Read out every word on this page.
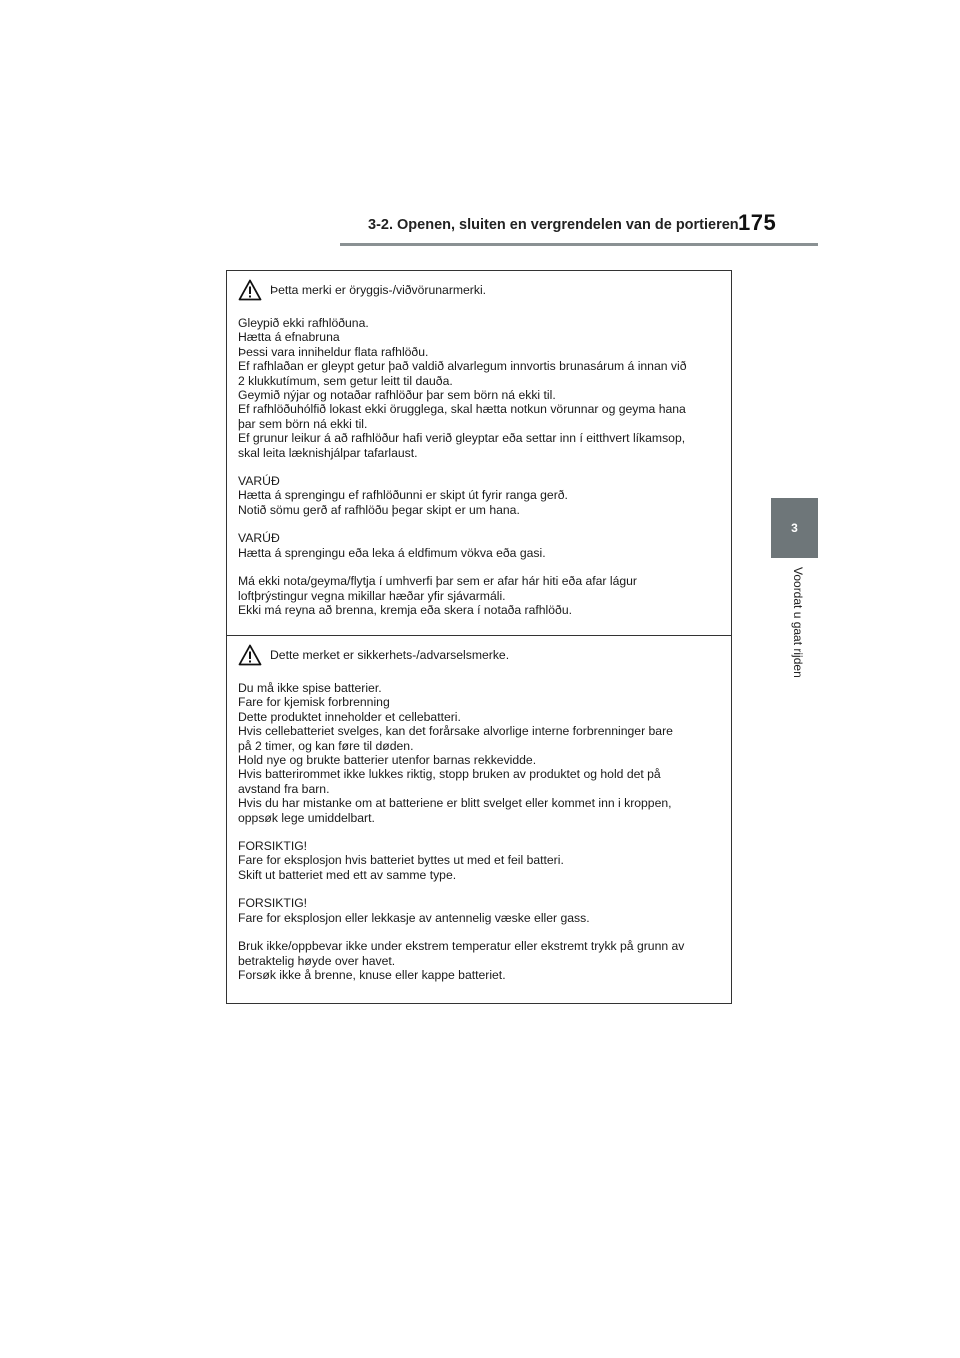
3-2. Openen, sluiten en vergrendelen van de portieren 175
3
Voordat u gaat rijden
Þetta merki er öryggis-/viðvörunarmerki.

Gleypið ekki rafhlöðuna.
Hætta á efnabruna
Þessi vara inniheldur flata rafhlöðu.
Ef rafhlaðan er gleypt getur það valdið alvarlegum innvortis brunasárum á innan við
2 klukkutímum, sem getur leitt til dauða.
Geymið nýjar og notaðar rafhlöður þar sem börn ná ekki til.
Ef rafhlöðuhólfið lokast ekki örugglega, skal hætta notkun vörunnar og geyma hana
þar sem börn ná ekki til.
Ef grunur leikur á að rafhlöður hafi verið gleyptar eða settar inn í eitthvert líkamsop,
skal leita læknishjálpar tafarlaust.

VARÚÐ
Hætta á sprengingu ef rafhlöðunni er skipt út fyrir ranga gerð.
Notið sömu gerð af rafhlöðu þegar skipt er um hana.

VARÚÐ
Hætta á sprengingu eða leka á eldfimum vökva eða gasi.

Má ekki nota/geyma/flytja í umhverfi þar sem er afar hár hiti eða afar lágur
loftþrýstingur vegna mikillar hæðar yfir sjávarmáli.
Ekki má reyna að brenna, kremja eða skera í notaða rafhlöðu.

Dette merket er sikkerhets-/advarselsmerke.

Du må ikke spise batterier.
Fare for kjemisk forbrenning
Dette produktet inneholder et cellebatteri.
Hvis cellebatteriet svelges, kan det forårsake alvorlige interne forbrenninger bare
på 2 timer, og kan føre til døden.
Hold nye og brukte batterier utenfor barnas rekkevidde.
Hvis batterirommet ikke lukkes riktig, stopp bruken av produktet og hold det på
avstand fra barn.
Hvis du har mistanke om at batteriene er blitt svelget eller kommet inn i kroppen,
oppsøk lege umiddelbart.

FORSIKTIG!
Fare for eksplosjon hvis batteriet byttes ut med et feil batteri.
Skift ut batteriet med ett av samme type.

FORSIKTIG!
Fare for eksplosjon eller lekkasje av antennelig væske eller gass.

Bruk ikke/oppbevar ikke under ekstrem temperatur eller ekstremt trykk på grunn av
betraktelig høyde over havet.
Forsøk ikke å brenne, knuse eller kappe batteriet.
